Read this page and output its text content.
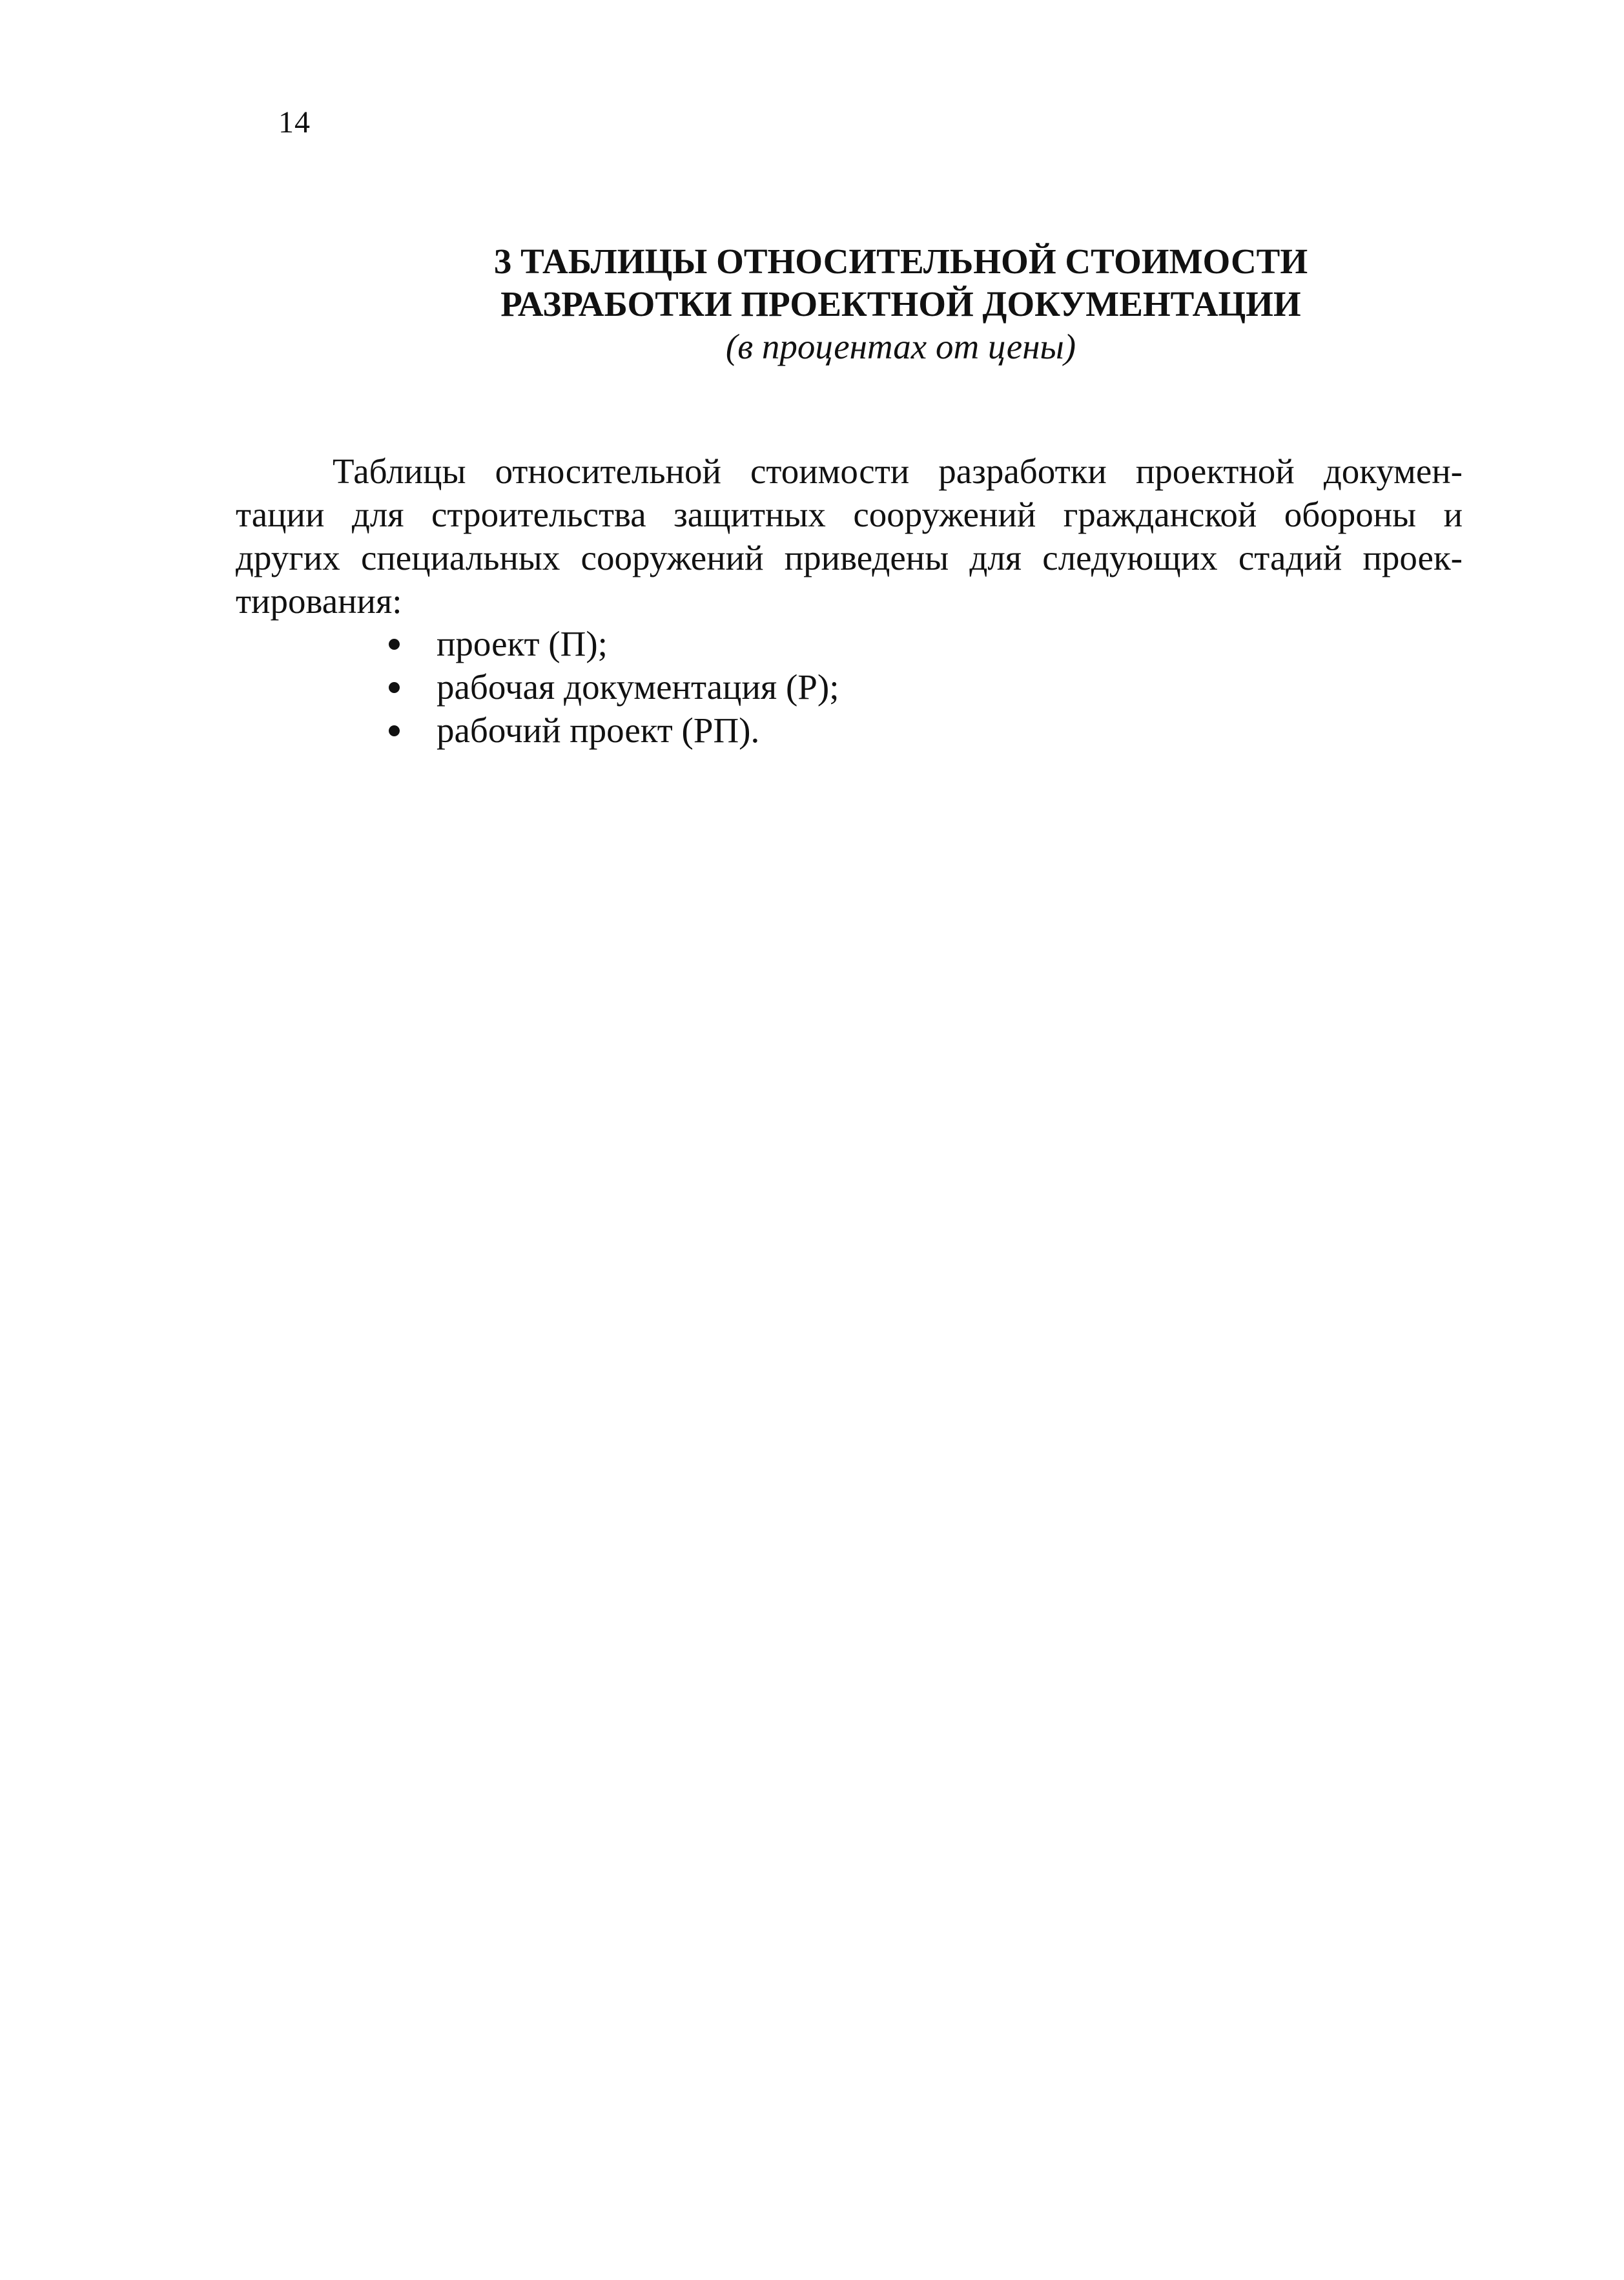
14
3 ТАБЛИЦЫ ОТНОСИТЕЛЬНОЙ СТОИМОСТИ
РАЗРАБОТКИ ПРОЕКТНОЙ ДОКУМЕНТАЦИИ
(в процентах от цены)
Таблицы относительной стоимости разработки проектной докумен-
тации для строительства защитных сооружений гражданской обороны и
других специальных сооружений приведены для следующих стадий проек-
тирования:
проект (П);
рабочая документация (Р);
рабочий проект (РП).
